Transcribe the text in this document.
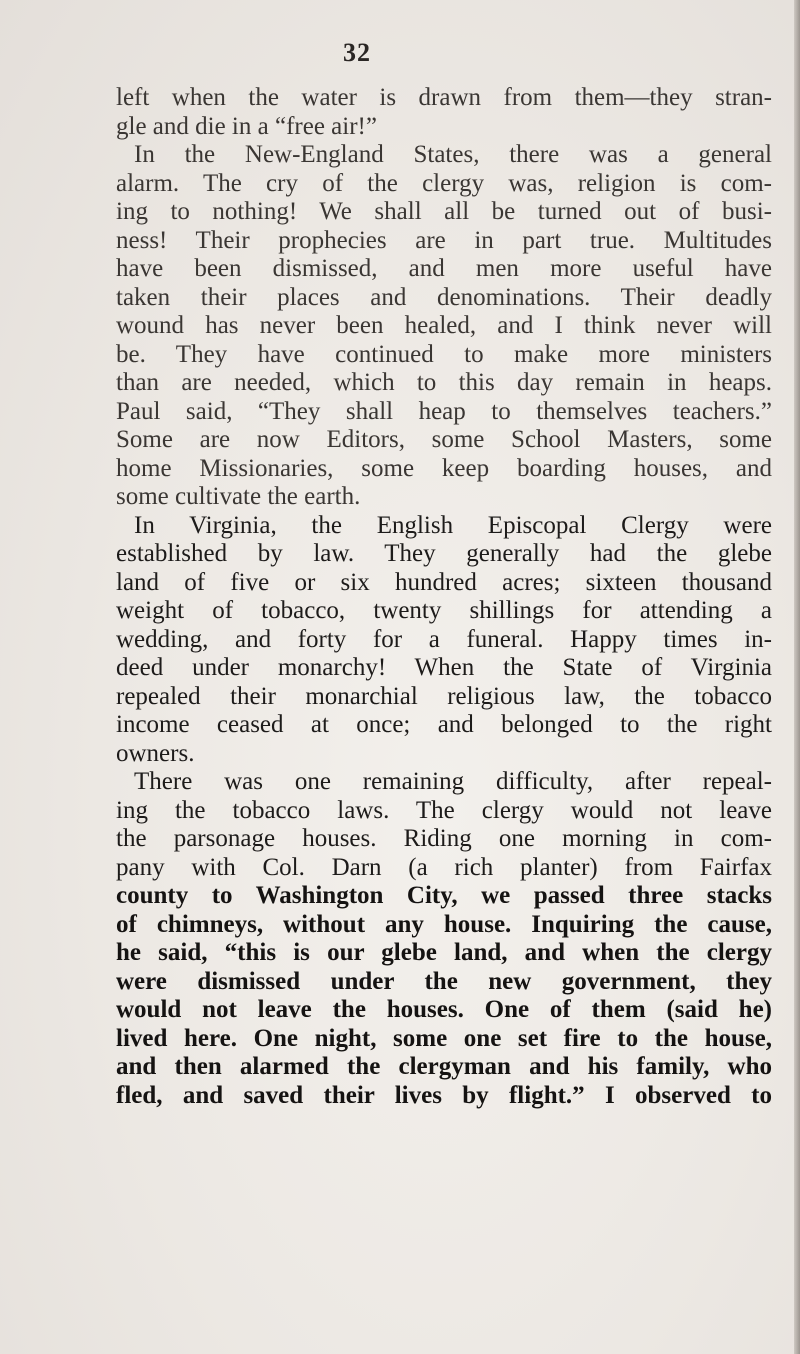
32
left when the water is drawn from them—they stran-
gle and die in a “free air!”
In the New-England States, there was a general
alarm. The cry of the clergy was, religion is com-
ing to nothing! We shall all be turned out of busi-
ness! Their prophecies are in part true. Multitudes
have been dismissed, and men more useful have
taken their places and denominations. Their deadly
wound has never been healed, and I think never will
be. They have continued to make more ministers
than are needed, which to this day remain in heaps.
Paul said, “They shall heap to themselves teachers.”
Some are now Editors, some School Masters, some
home Missionaries, some keep boarding houses, and
some cultivate the earth.
In Virginia, the English Episcopal Clergy were
established by law. They generally had the glebe
land of five or six hundred acres; sixteen thousand
weight of tobacco, twenty shillings for attending a
wedding, and forty for a funeral. Happy times in-
deed under monarchy! When the State of Virginia
repealed their monarchial religious law, the tobacco
income ceased at once; and belonged to the right
owners.
There was one remaining difficulty, after repeal-
ing the tobacco laws. The clergy would not leave
the parsonage houses. Riding one morning in com-
pany with Col. Darn (a rich planter) from Fairfax
county to Washington City, we passed three stacks
of chimneys, without any house. Inquiring the cause,
he said, “this is our glebe land, and when the clergy
were dismissed under the new government, they
would not leave the houses. One of them (said he)
lived here. One night, some one set fire to the house,
and then alarmed the clergyman and his family, who
fled, and saved their lives by flight.” I observed to
